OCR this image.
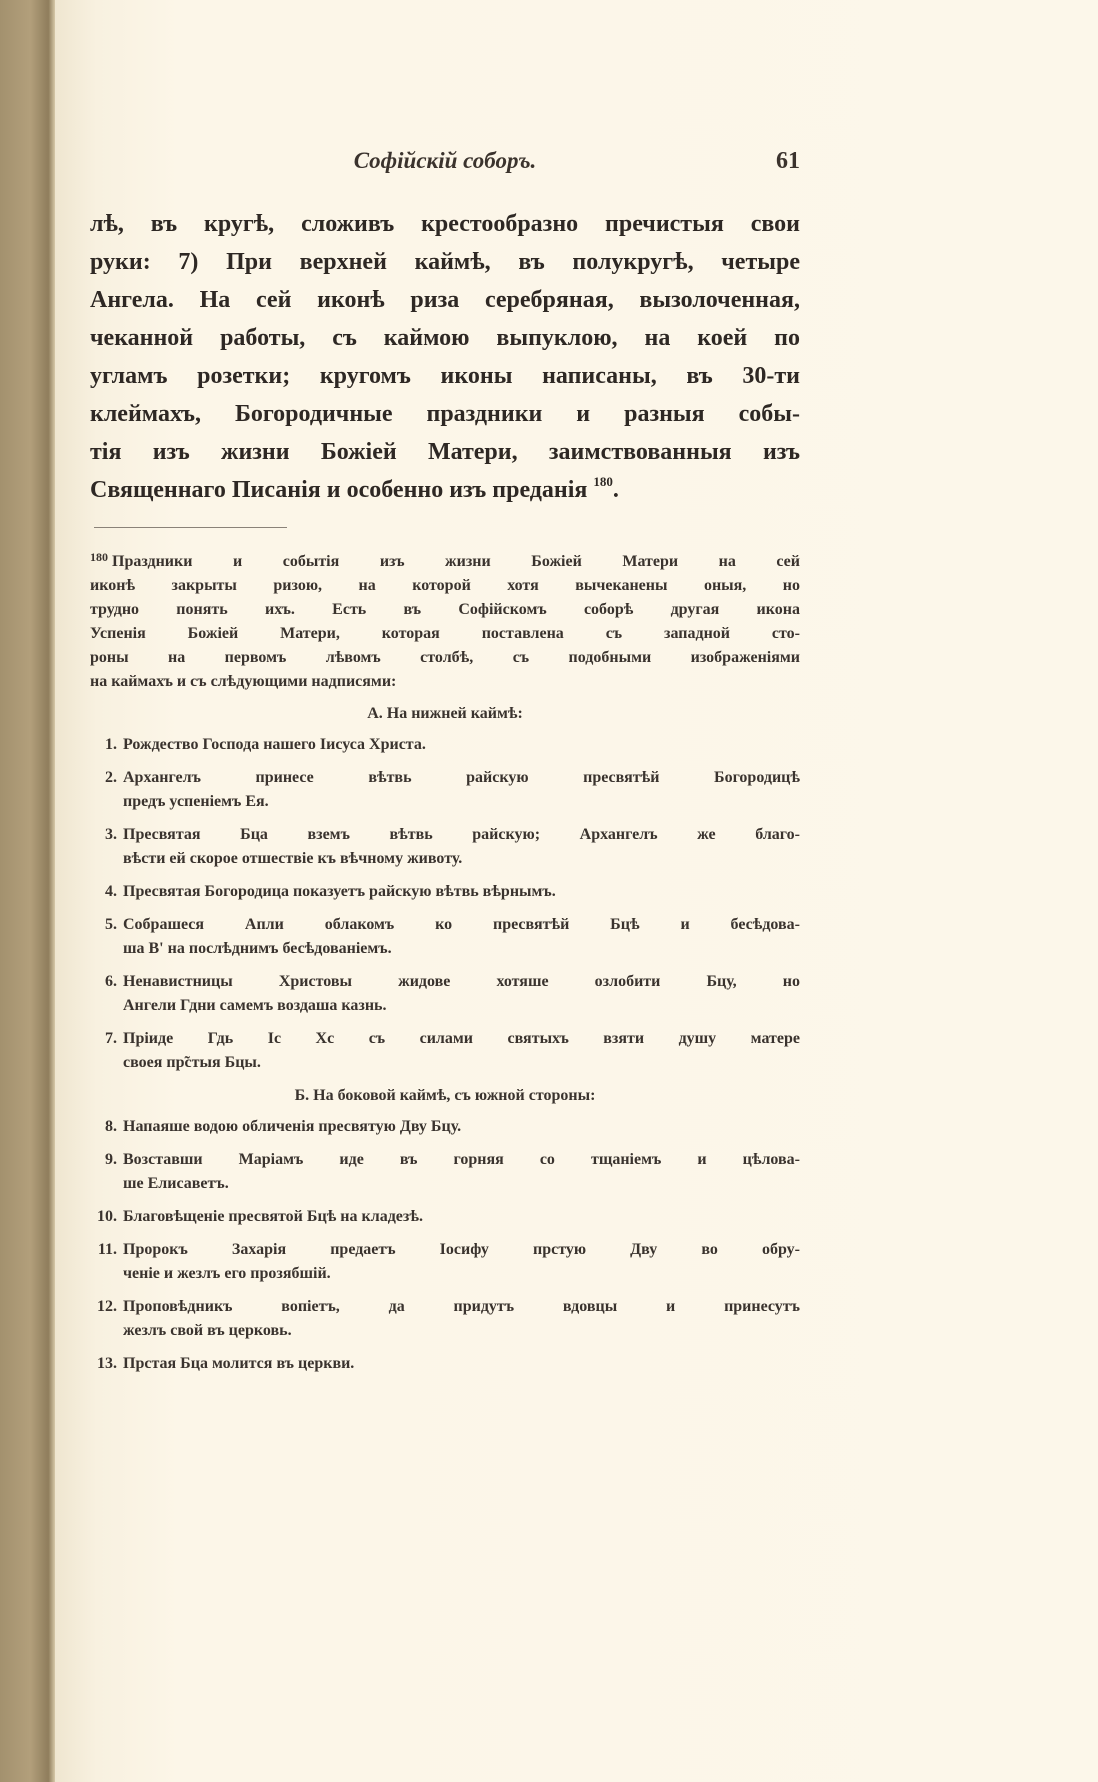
Софійскій соборъ.	61
лѣ, въ кругѣ, сложивъ крестообразно пречистыя свои
руки: 7) При верхней каймѣ, въ полукругѣ, четыре
Ангела. На сей иконѣ риза серебряная, вызолоченная,
чеканной работы, съ каймою выпуклою, на коей по
угламъ розетки; кругомъ иконы написаны, въ 30-ти
клеймахъ, Богородичные праздники и разныя собы-
тія изъ жизни Божіей Матери, заимствованныя изъ
Священнаго Писанія и особенно изъ преданія $^{180}$.
$^{180}$ Праздники и событія изъ жизни Божіей Матери на сей
иконѣ закрыты ризою, на которой хотя вычеканены оныя, но
трудно понять ихъ. Есть въ Софійскомъ соборѣ другая икона
Успенія Божіей Матери, которая поставлена съ западной сто-
роны на первомъ лѣвомъ столбѣ, съ подобными изображеніями
на каймахъ и съ слѣдующими надписями:
А. На нижней каймѣ:
1. Рождество Господа нашего Іисуса Христа.
2. Архангелъ принесе вѣтвь райскую пресвятѣй Богородицѣ
предъ успеніемъ Ея.
3. Пресвятая Бца вземъ вѣтвь райскую; Архангелъ же благо-
вѣсти ей скорое отшествіе къ вѣчному животу.
4. Пресвятая Богородица показуетъ райскую вѣтвь вѣрнымъ.
5. Собрашеся Апли облакомъ ко пресвятѣй Бцѣ и бесѣдова-
ша В' на послѣднимъ бесѣдованіемъ.
6. Ненавистницы Христовы жидове хотяше озлобити Бцу, но
Ангели Гдни самемъ воздаша казнь.
7. Пріиде Гдь Іс Хс съ силами святыхъ взяти душу матере
своея пр̃стыя Бцы.
Б. На боковой каймѣ, съ южной стороны:
8. Напаяше водою обличенія пресвятую Дву Бцу.
9. Возставши Маріамъ иде въ горняя со тщаніемъ и цѣлова-
ше Елисаветъ.
10. Благовѣщеніе пресвятой Бцѣ на кладезѣ.
11. Пророкъ Захарія предаетъ Іосифу прстую Дву во обру-
ченіе и жезлъ его прозябшій.
12. Проповѣдникъ вопіетъ, да придутъ вдовцы и принесутъ
жезлъ свой въ церковь.
13. Прстая Бца молится въ церкви.
